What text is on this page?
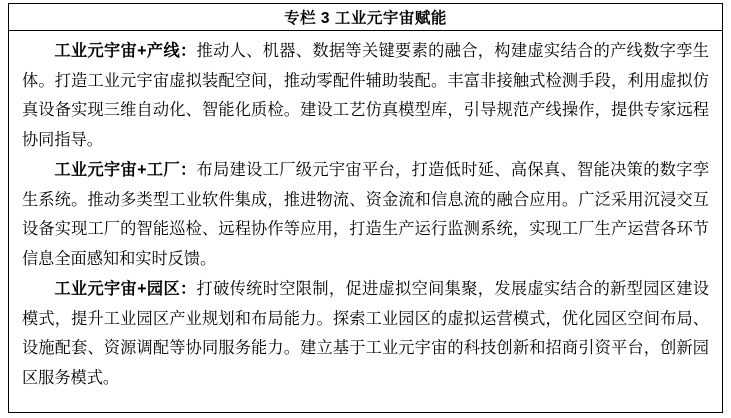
专栏 3 工业元宇宙赋能

工业元宇宙+产线：推动人、机器、数据等关键要素的融合，构建虚实结合的产线数字孪生体。打造工业元宇宙虚拟装配空间，推动零配件辅助装配。丰富非接触式检测手段，利用虚拟仿真设备实现三维自动化、智能化质检。建设工艺仿真模型库，引导规范产线操作，提供专家远程协同指导。

工业元宇宙+工厂：布局建设工厂级元宇宙平台，打造低时延、高保真、智能决策的数字孪生系统。推动多类型工业软件集成，推进物流、资金流和信息流的融合应用。广泛采用沉浸交互设备实现工厂的智能巡检、远程协作等应用，打造生产运行监测系统，实现工厂生产运营各环节信息全面感知和实时反馈。

工业元宇宙+园区：打破传统时空限制，促进虚拟空间集聚，发展虚实结合的新型园区建设模式，提升工业园区产业规划和布局能力。探索工业园区的虚拟运营模式，优化园区空间布局、设施配套、资源调配等协同服务能力。建立基于工业元宇宙的科技创新和招商引资平台，创新园区服务模式。
